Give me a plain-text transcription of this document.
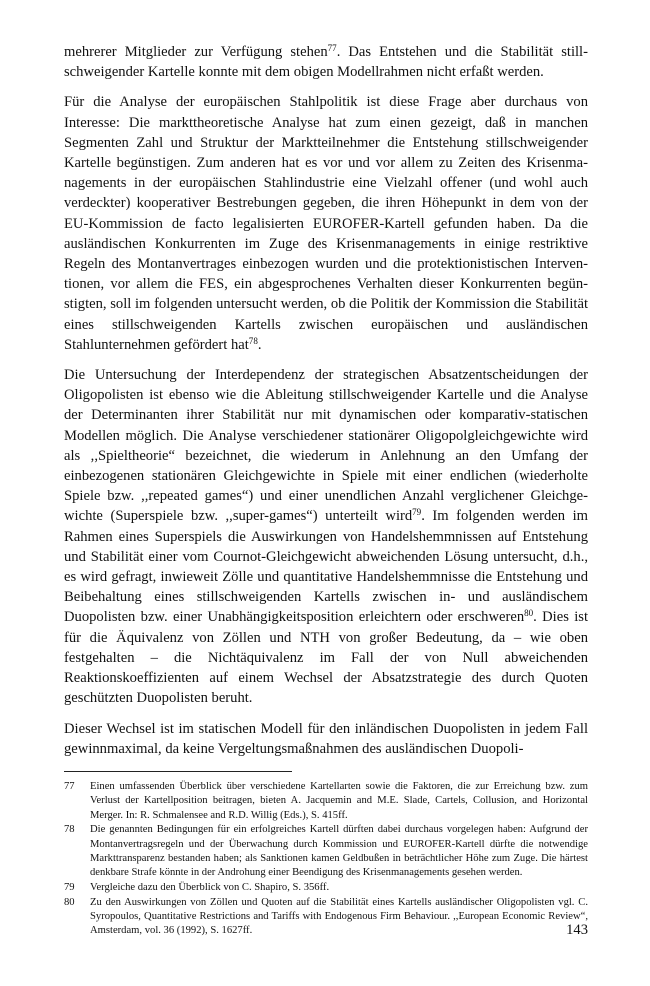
mehrerer Mitglieder zur Verfügung stehen$^{77}$. Das Entstehen und die Stabilität stillschweigender Kartelle konnte mit dem obigen Modellrahmen nicht erfaßt werden.

Für die Analyse der europäischen Stahlpolitik ist diese Frage aber durchaus von Interesse: Die markttheoretische Analyse hat zum einen gezeigt, daß in manchen Segmenten Zahl und Struktur der Marktteilnehmer die Entstehung stillschweigender Kartelle begünstigen. Zum anderen hat es vor und vor allem zu Zeiten des Krisenmanagements in der europäischen Stahlindustrie eine Vielzahl offener (und wohl auch verdeckter) kooperativer Bestrebungen gegeben, die ihren Höhepunkt in dem von der EU-Kommission de facto legalisierten EUROFER-Kartell gefunden haben. Da die ausländischen Konkurrenten im Zuge des Krisenmanagements in einige restriktive Regeln des Montanvertrages einbezogen wurden und die protektionistischen Interventionen, vor allem die FES, ein abgesprochenes Verhalten dieser Konkurrenten begünstigten, soll im folgenden untersucht werden, ob die Politik der Kommission die Stabilität eines stillschweigenden Kartells zwischen europäischen und ausländischen Stahlunternehmen gefördert hat$^{78}$.

Die Untersuchung der Interdependenz der strategischen Absatzentscheidungen der Oligopolisten ist ebenso wie die Ableitung stillschweigender Kartelle und die Analyse der Determinanten ihrer Stabilität nur mit dynamischen oder komparativ-statischen Modellen möglich. Die Analyse verschiedener stationärer Oligopolgleichgewichte wird als ,,Spieltheorie“ bezeichnet, die wiederum in Anlehnung an den Umfang der einbezogenen stationären Gleichgewichte in Spiele mit einer endlichen (wiederholte Spiele bzw. ,,repeated games“) und einer unendlichen Anzahl verglichener Gleichgewichte (Superspiele bzw. ,,super-games“) unterteilt wird$^{79}$. Im folgenden werden im Rahmen eines Superspiels die Auswirkungen von Handelshemmnissen auf Entstehung und Stabilität einer vom Cournot-Gleichgewicht abweichenden Lösung untersucht, d.h., es wird gefragt, inwieweit Zölle und quantitative Handelshemmnisse die Entstehung und Beibehaltung eines stillschweigenden Kartells zwischen in- und ausländischem Duopolisten bzw. einer Unabhängigkeitsposition erleichtern oder erschweren$^{80}$. Dies ist für die Äquivalenz von Zöllen und NTH von großer Bedeutung, da – wie oben festgehalten – die Nichtäquivalenz im Fall der von Null abweichenden Reaktionskoeffizienten auf einem Wechsel der Absatzstrategie des durch Quoten geschützten Duopolisten beruht.

Dieser Wechsel ist im statischen Modell für den inländischen Duopolisten in jedem Fall gewinnmaximal, da keine Vergeltungsmaßnahmen des ausländischen Duopoli-

77	Einen umfassenden Überblick über verschiedene Kartellarten sowie die Faktoren, die zur Erreichung bzw. zum Verlust der Kartellposition beitragen, bieten A. Jacquemin and M.E. Slade, Cartels, Collusion, and Horizontal Merger. In: R. Schmalensee and R.D. Willig (Eds.), S. 415ff.
78	Die genannten Bedingungen für ein erfolgreiches Kartell dürften dabei durchaus vorgelegen haben: Aufgrund der Montanvertragsregeln und der Überwachung durch Kommission und EUROFER-Kartell dürfte die notwendige Markttransparenz bestanden haben; als Sanktionen kamen Geldbußen in beträchtlicher Höhe zum Zuge. Die härtest denkbare Strafe könnte in der Androhung einer Beendigung des Krisenmanagements gesehen werden.
79	Vergleiche dazu den Überblick von C. Shapiro, S. 356ff.
80	Zu den Auswirkungen von Zöllen und Quoten auf die Stabilität eines Kartells ausländischer Oligopolisten vgl. C. Syropoulos, Quantitative Restrictions and Tariffs with Endogenous Firm Behaviour. ,,European Economic Review“, Amsterdam, vol. 36 (1992), S. 1627ff.	143
